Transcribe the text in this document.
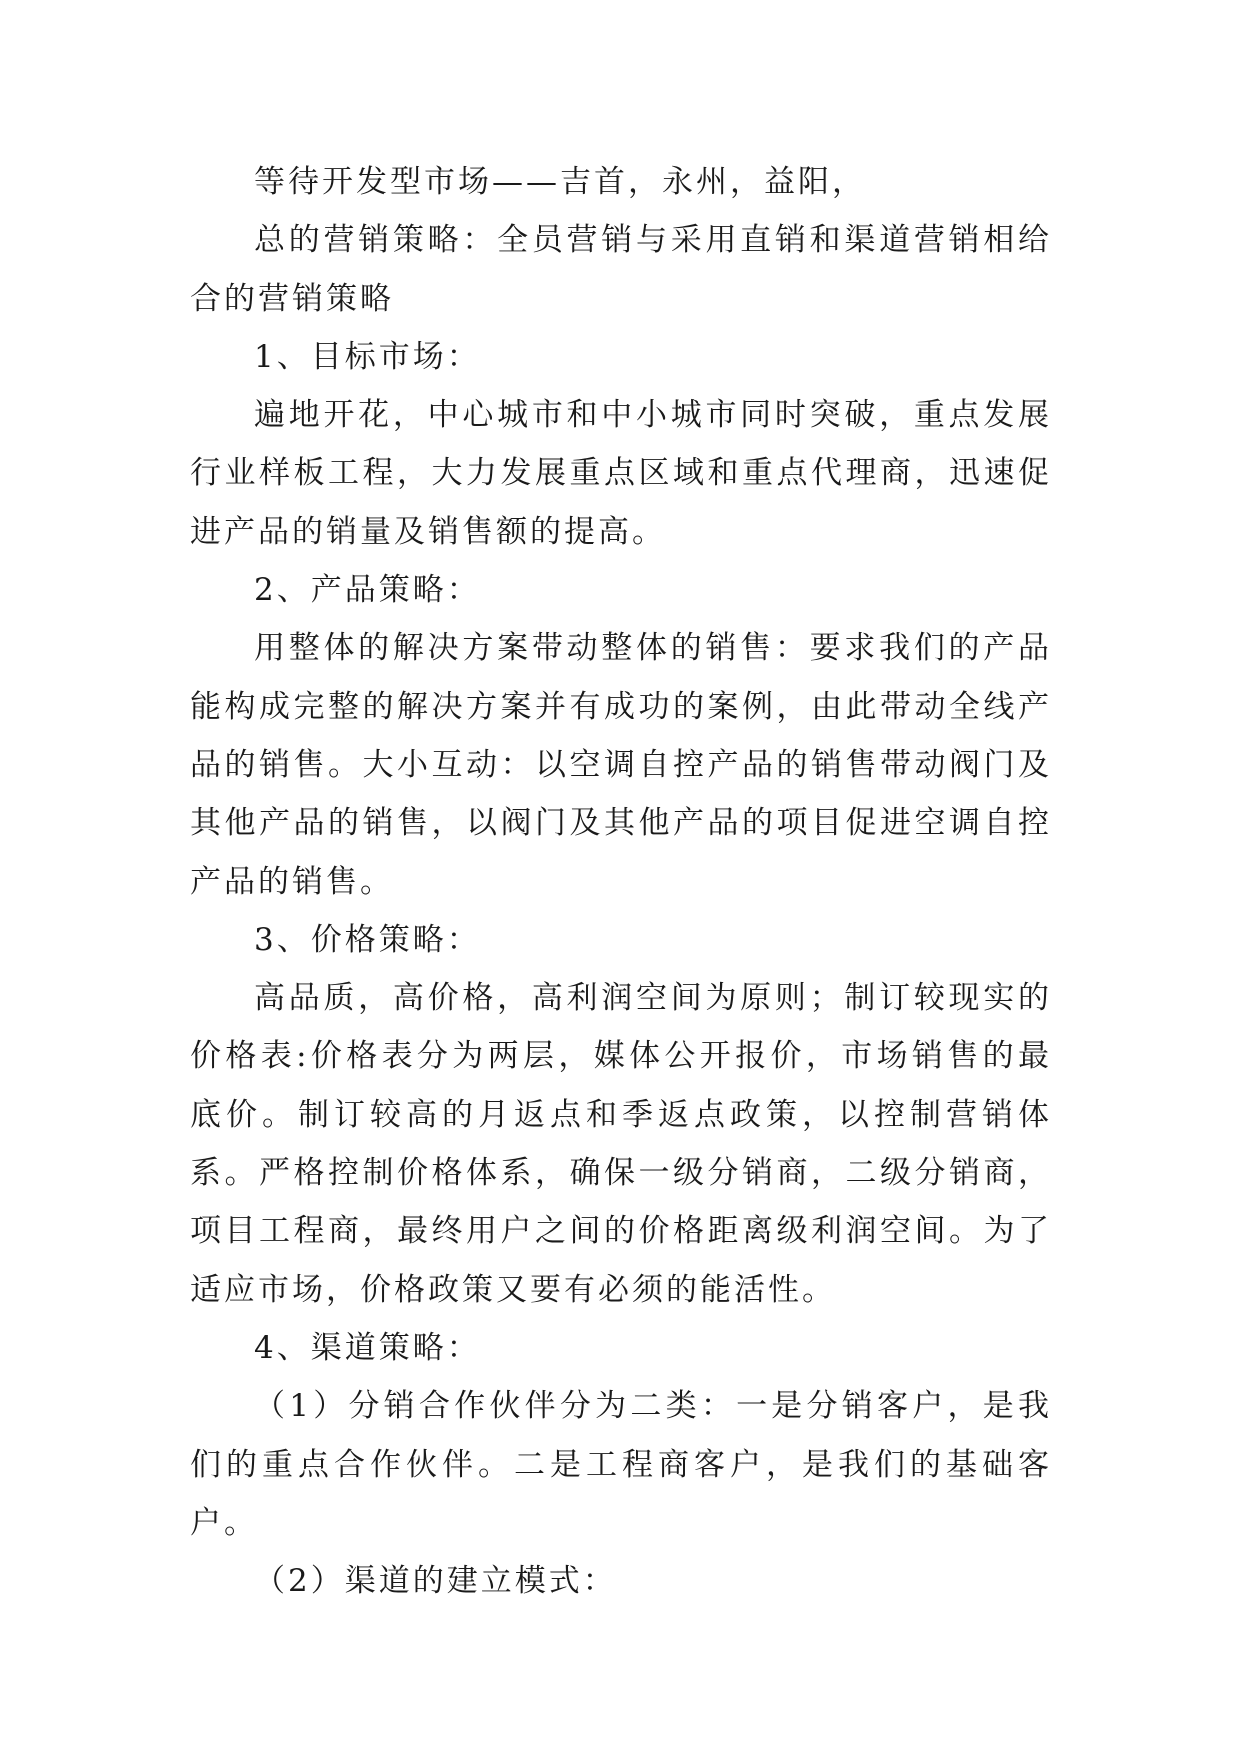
等待开发型市场——吉首，永州，益阳，

总的营销策略：全员营销与采用直销和渠道营销相给合的营销策略

1、目标市场：

遍地开花，中心城市和中小城市同时突破，重点发展行业样板工程，大力发展重点区域和重点代理商，迅速促进产品的销量及销售额的提高。

2、产品策略：

用整体的解决方案带动整体的销售：要求我们的产品能构成完整的解决方案并有成功的案例，由此带动全线产品的销售。大小互动：以空调自控产品的销售带动阀门及其他产品的销售，以阀门及其他产品的项目促进空调自控产品的销售。

3、价格策略：

高品质，高价格，高利润空间为原则；制订较现实的价格表:价格表分为两层，媒体公开报价，市场销售的最底价。制订较高的月返点和季返点政策，以控制营销体系。严格控制价格体系，确保一级分销商，二级分销商，项目工程商，最终用户之间的价格距离级利润空间。为了适应市场，价格政策又要有必须的能活性。

4、渠道策略：

（1）分销合作伙伴分为二类：一是分销客户，是我们的重点合作伙伴。二是工程商客户，是我们的基础客户。

（2）渠道的建立模式：
